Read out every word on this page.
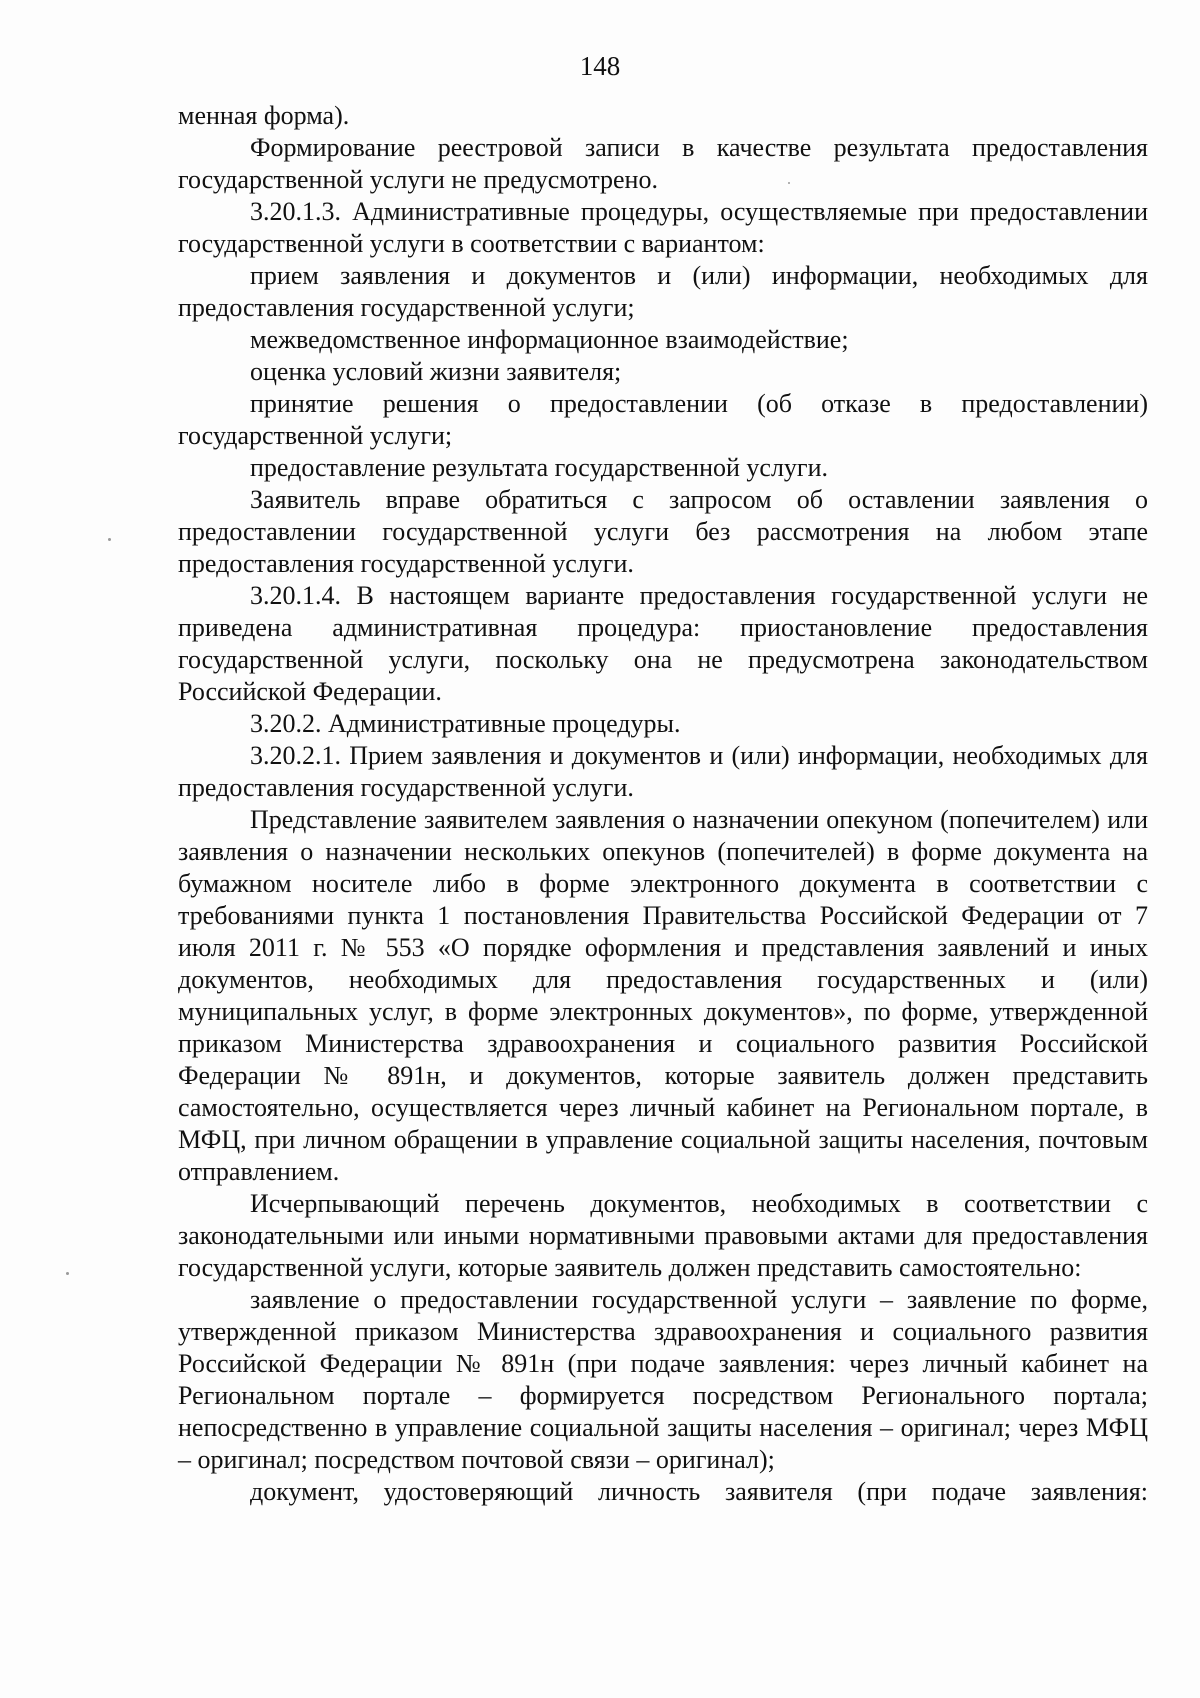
148

менная форма).

Формирование реестровой записи в качестве результата предоставления государственной услуги не предусмотрено.

3.20.1.3. Административные процедуры, осуществляемые при предоставлении государственной услуги в соответствии с вариантом:

прием заявления и документов и (или) информации, необходимых для предоставления государственной услуги;

межведомственное информационное взаимодействие;

оценка условий жизни заявителя;

принятие решения о предоставлении (об отказе в предоставлении) государственной услуги;

предоставление результата государственной услуги.

Заявитель вправе обратиться с запросом об оставлении заявления о предоставлении государственной услуги без рассмотрения на любом этапе предоставления государственной услуги.

3.20.1.4. В настоящем варианте предоставления государственной услуги не приведена административная процедура: приостановление предоставления государственной услуги, поскольку она не предусмотрена законодательством Российской Федерации.

3.20.2. Административные процедуры.

3.20.2.1. Прием заявления и документов и (или) информации, необходимых для предоставления государственной услуги.

Представление заявителем заявления о назначении опекуном (попечителем) или заявления о назначении нескольких опекунов (попечителей) в форме документа на бумажном носителе либо в форме электронного документа в соответствии с требованиями пункта 1 постановления Правительства Российской Федерации от 7 июля 2011 г. № 553 «О порядке оформления и представления заявлений и иных документов, необходимых для предоставления государственных и (или) муниципальных услуг, в форме электронных документов», по форме, утвержденной приказом Министерства здравоохранения и социального развития Российской Федерации № 891н, и документов, которые заявитель должен представить самостоятельно, осуществляется через личный кабинет на Региональном портале, в МФЦ, при личном обращении в управление социальной защиты населения, почтовым отправлением.

Исчерпывающий перечень документов, необходимых в соответствии с законодательными или иными нормативными правовыми актами для предоставления государственной услуги, которые заявитель должен представить самостоятельно:

заявление о предоставлении государственной услуги – заявление по форме, утвержденной приказом Министерства здравоохранения и социального развития Российской Федерации № 891н (при подаче заявления: через личный кабинет на Региональном портале – формируется посредством Регионального портала; непосредственно в управление социальной защиты населения – оригинал; через МФЦ – оригинал; посредством почтовой связи – оригинал);

документ, удостоверяющий личность заявителя (при подаче заявления:
